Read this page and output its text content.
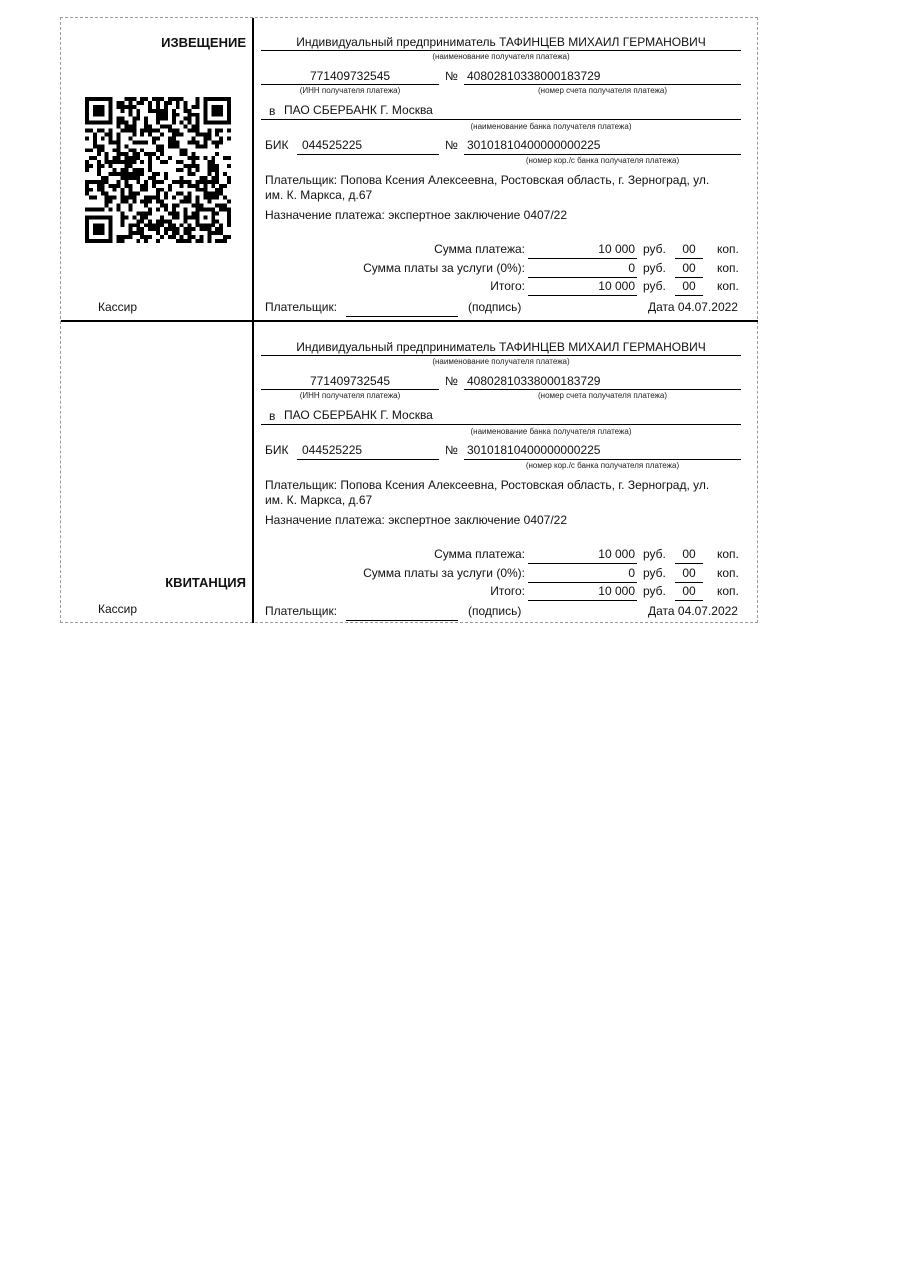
ИЗВЕЩЕНИЕ
Кассир
Индивидуальный предприниматель ТАФИНЦЕВ МИХАИЛ ГЕРМАНОВИЧ
(наименование получателя платежа)
771409732545
(ИНН получателя платежа)
№ 40802810338000183729
(номер счета получателя платежа)
в ПАО СБЕРБАНК Г. Москва
(наименование банка получателя платежа)
БИК 044525225	№ 30101810400000000225
(номер кор./с банка получателя платежа)
Плательщик: Попова Ксения Алексеевна, Ростовская область, г. Зерноград, ул.
им. К. Маркса, д.67
Назначение платежа: экспертное заключение 0407/22
Сумма платежа:	10 000 руб.	00	коп.
Сумма платы за услуги (0%):	0 руб.	00	коп.
Итого:	10 000 руб.	00	коп.
Плательщик:	(подпись)	Дата 04.07.2022
КВИТАНЦИЯ
Кассир
Индивидуальный предприниматель ТАФИНЦЕВ МИХАИЛ ГЕРМАНОВИЧ
(наименование получателя платежа)
771409732545
(ИНН получателя платежа)
№ 40802810338000183729
(номер счета получателя платежа)
в ПАО СБЕРБАНК Г. Москва
(наименование банка получателя платежа)
БИК 044525225	№ 30101810400000000225
(номер кор./с банка получателя платежа)
Плательщик: Попова Ксения Алексеевна, Ростовская область, г. Зерноград, ул.
им. К. Маркса, д.67
Назначение платежа: экспертное заключение 0407/22
Сумма платежа:	10 000 руб.	00	коп.
Сумма платы за услуги (0%):	0 руб.	00	коп.
Итого:	10 000 руб.	00	коп.
Плательщик:	(подпись)	Дата 04.07.2022
